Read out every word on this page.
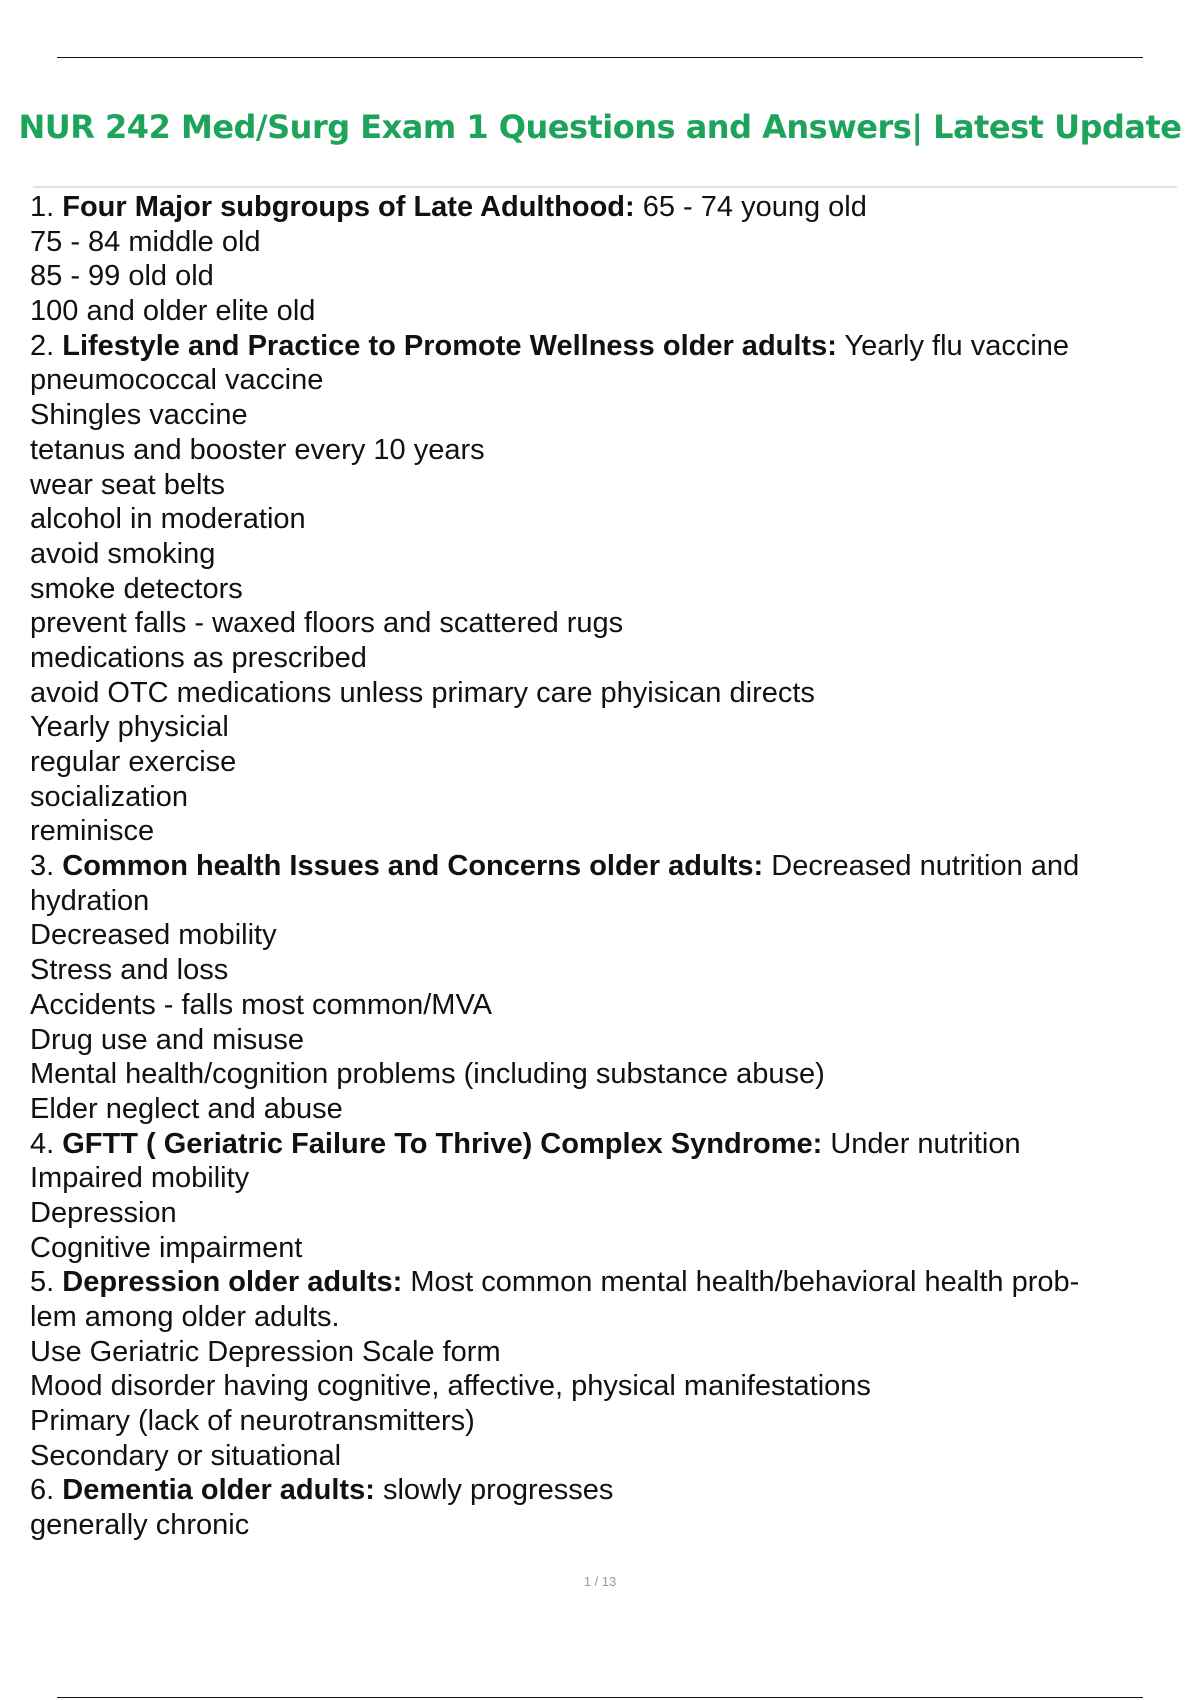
NUR 242 Med/Surg Exam 1 Questions and Answers| Latest Update
1. Four Major subgroups of Late Adulthood: 65 - 74 young old
75 - 84 middle old
85 - 99 old old
100 and older elite old
2. Lifestyle and Practice to Promote Wellness older adults: Yearly flu vaccine
pneumococcal vaccine
Shingles vaccine
tetanus and booster every 10 years
wear seat belts
alcohol in moderation
avoid smoking
smoke detectors
prevent falls - waxed floors and scattered rugs
medications as prescribed
avoid OTC medications unless primary care phyisican directs
Yearly physicial
regular exercise
socialization
reminisce
3. Common health Issues and Concerns older adults: Decreased nutrition and
hydration
Decreased mobility
Stress and loss
Accidents - falls most common/MVA
Drug use and misuse
Mental health/cognition problems (including substance abuse)
Elder neglect and abuse
4. GFTT ( Geriatric Failure To Thrive) Complex Syndrome: Under nutrition
Impaired mobility
Depression
Cognitive impairment
5. Depression older adults: Most common mental health/behavioral health prob-
lem among older adults.
Use Geriatric Depression Scale form
Mood disorder having cognitive, affective, physical manifestations
Primary (lack of neurotransmitters)
Secondary or situational
6. Dementia older adults: slowly progresses
generally chronic
1 / 13
